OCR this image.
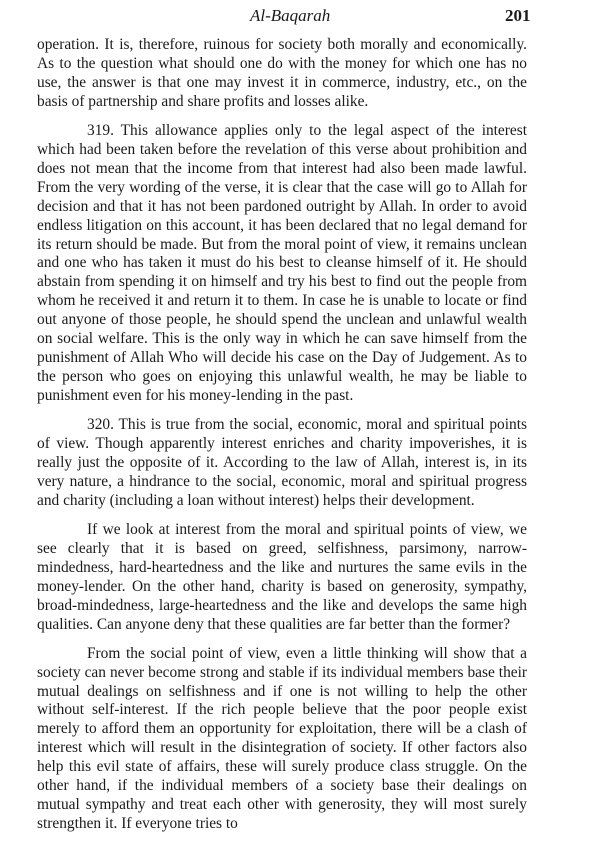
Al-Baqarah	201

operation. It is, therefore, ruinous for society both morally and economically. As to the question what should one do with the money for which one has no use, the answer is that one may invest it in commerce, industry, etc., on the basis of partnership and share profits and losses alike.

319. This allowance applies only to the legal aspect of the interest which had been taken before the revelation of this verse about prohibition and does not mean that the income from that interest had also been made lawful. From the very wording of the verse, it is clear that the case will go to Allah for decision and that it has not been pardoned outright by Allah. In order to avoid endless litigation on this account, it has been declared that no legal demand for its return should be made. But from the moral point of view, it remains unclean and one who has taken it must do his best to cleanse himself of it. He should abstain from spending it on himself and try his best to find out the people from whom he received it and return it to them. In case he is unable to locate or find out anyone of those people, he should spend the unclean and unlawful wealth on social welfare. This is the only way in which he can save himself from the punishment of Allah Who will decide his case on the Day of Judgement. As to the person who goes on enjoying this unlawful wealth, he may be liable to punishment even for his money-lending in the past.

320. This is true from the social, economic, moral and spiritual points of view. Though apparently interest enriches and charity impoverishes, it is really just the opposite of it. According to the law of Allah, interest is, in its very nature, a hindrance to the social, economic, moral and spiritual progress and charity (including a loan without interest) helps their development.

If we look at interest from the moral and spiritual points of view, we see clearly that it is based on greed, selfishness, parsimony, narrow-mindedness, hard-heartedness and the like and nurtures the same evils in the money-lender. On the other hand, charity is based on generosity, sympathy, broad-mindedness, large-heartedness and the like and develops the same high qualities. Can anyone deny that these qualities are far better than the former?

From the social point of view, even a little thinking will show that a society can never become strong and stable if its individual members base their mutual dealings on selfishness and if one is not willing to help the other without self-interest. If the rich people believe that the poor people exist merely to afford them an opportunity for exploitation, there will be a clash of interest which will result in the disintegration of society. If other factors also help this evil state of affairs, these will surely produce class struggle. On the other hand, if the individual members of a society base their dealings on mutual sympathy and treat each other with generosity, they will most surely strengthen it. If everyone tries to
